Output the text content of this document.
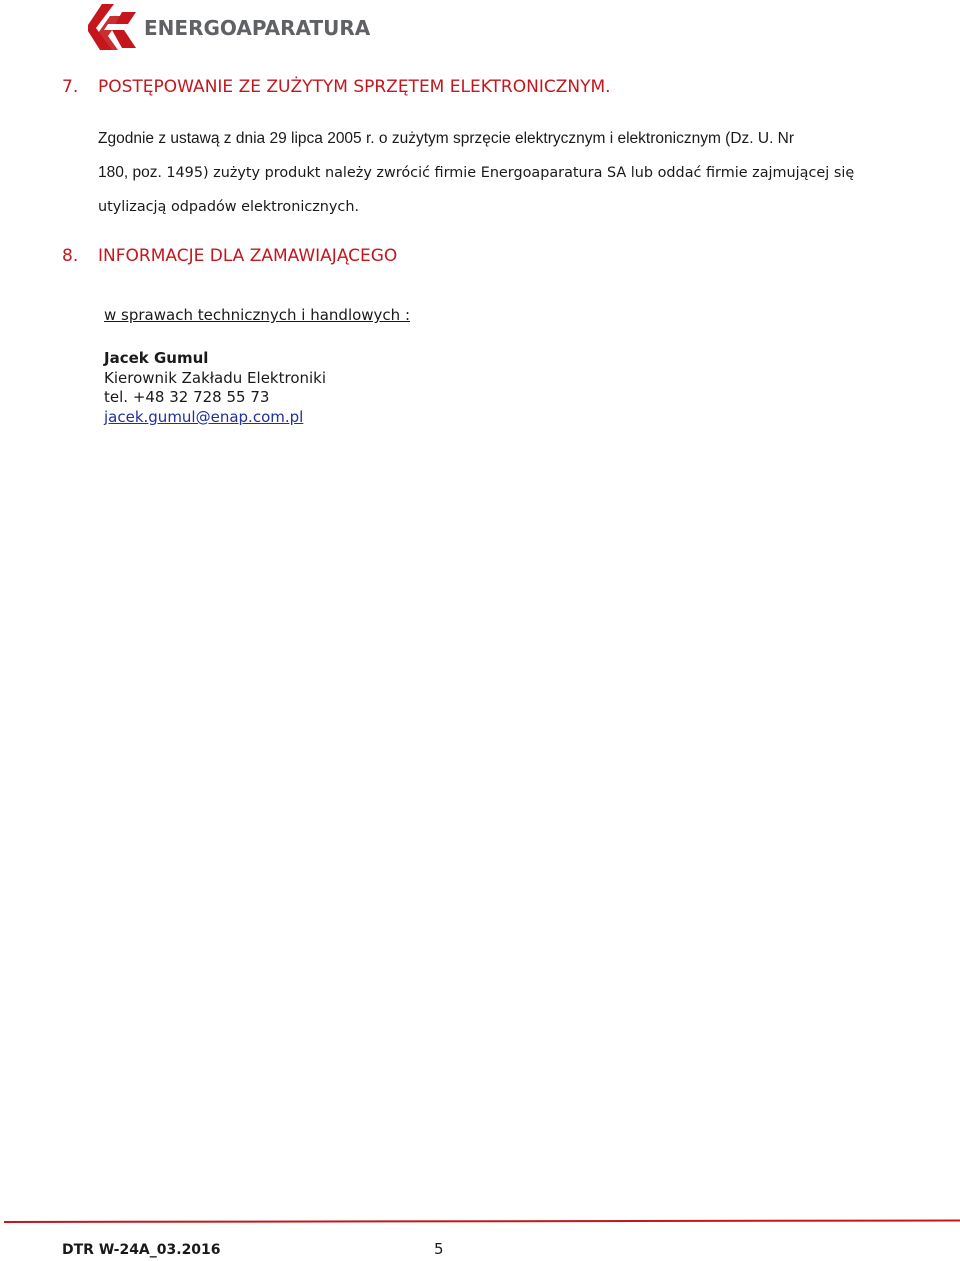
ENERGOAPARATURA
7. POSTĘPOWANIE ZE ZUŻYTYM SPRZĘTEM ELEKTRONICZNYM.
Zgodnie z ustawą z dnia 29 lipca 2005 r. o zużytym sprzęcie elektrycznym i elektronicznym (Dz. U. Nr
180, poz. 1495) zużyty produkt należy zwrócić firmie Energoaparatura SA lub oddać firmie zajmującej się utylizacją odpadów elektronicznych.
8. INFORMACJE DLA ZAMAWIAJĄCEGO
w sprawach technicznych i handlowych :
Jacek Gumul
Kierownik Zakładu Elektroniki
tel. +48 32 728 55 73
jacek.gumul@enap.com.pl
DTR W-24A_03.2016	5
